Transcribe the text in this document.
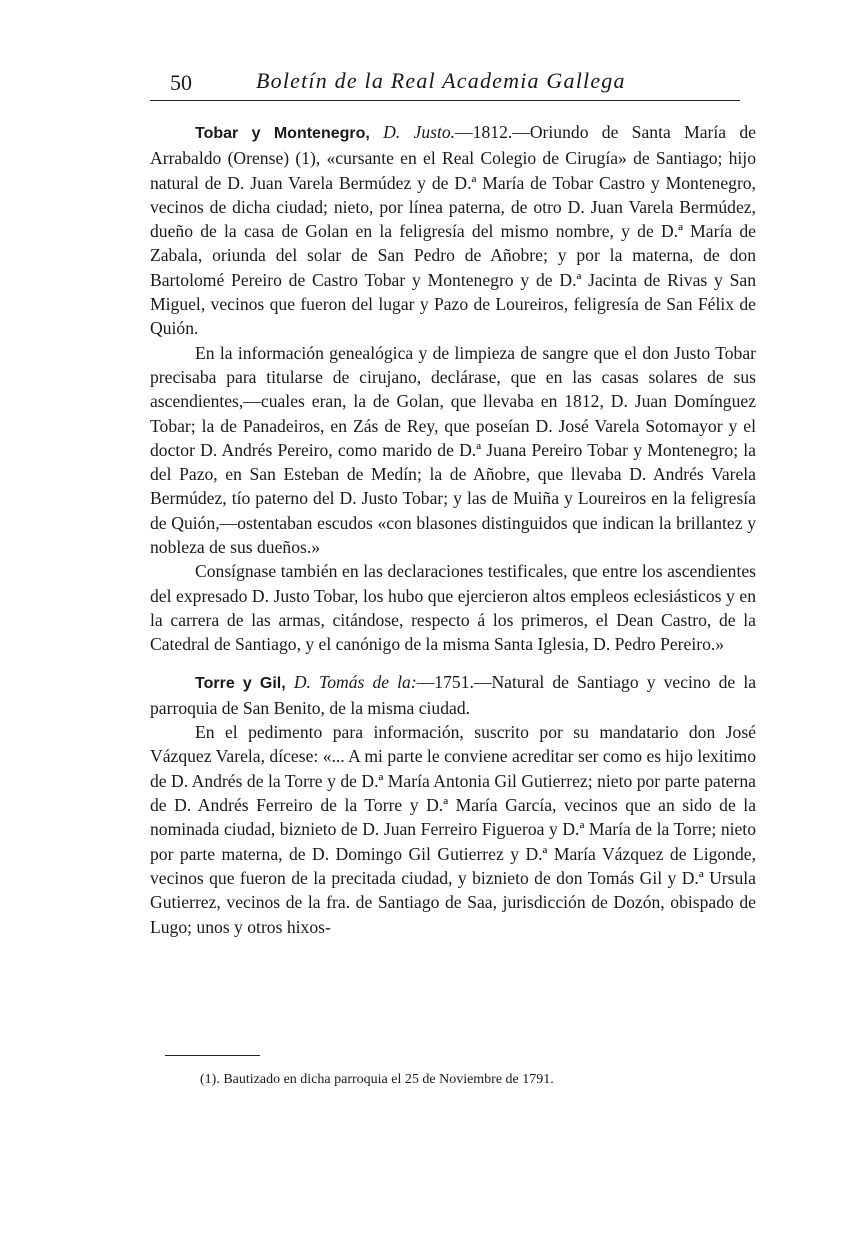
50	Boletín de la Real Academia Gallega

Tobar y Montenegro, D. Justo.—1812.—Oriundo de Santa María de Arrabaldo (Orense) (1), «cursante en el Real Colegio de Cirugía» de Santiago; hijo natural de D. Juan Varela Bermúdez y de D.ª María de Tobar Castro y Montenegro, vecinos de dicha ciudad; nieto, por línea paterna, de otro D. Juan Varela Bermúdez, dueño de la casa de Golan en la feligresía del mismo nombre, y de D.ª María de Zabala, oriunda del solar de San Pedro de Añobre; y por la materna, de don Bartolomé Pereiro de Castro Tobar y Montenegro y de D.ª Jacinta de Rivas y San Miguel, vecinos que fueron del lugar y Pazo de Loureiros, feligresía de San Félix de Quión.

En la información genealógica y de limpieza de sangre que el don Justo Tobar precisaba para titularse de cirujano, declárase, que en las casas solares de sus ascendientes,—cuales eran, la de Golan, que llevaba en 1812, D. Juan Domínguez Tobar; la de Panadeiros, en Zás de Rey, que poseían D. José Varela Sotomayor y el doctor D. Andrés Pereiro, como marido de D.ª Juana Pereiro Tobar y Montenegro; la del Pazo, en San Esteban de Medín; la de Añobre, que llevaba D. Andrés Varela Bermúdez, tío paterno del D. Justo Tobar; y las de Muiña y Loureiros en la feligresía de Quión,—ostentaban escudos «con blasones distinguidos que indican la brillantez y nobleza de sus dueños.»

Consígnase también en las declaraciones testificales, que entre los ascendientes del expresado D. Justo Tobar, los hubo que ejercieron altos empleos eclesiásticos y en la carrera de las armas, citándose, respecto á los primeros, el Dean Castro, de la Catedral de Santiago, y el canónigo de la misma Santa Iglesia, D. Pedro Pereiro.»

Torre y Gil, D. Tomás de la:—1751.—Natural de Santiago y vecino de la parroquia de San Benito, de la misma ciudad.

En el pedimento para información, suscrito por su mandatario don José Vázquez Varela, dícese: «... A mi parte le conviene acreditar ser como es hijo lexitimo de D. Andrés de la Torre y de D.ª María Antonia Gil Gutierrez; nieto por parte paterna de D. Andrés Ferreiro de la Torre y D.ª María García, vecinos que an sido de la nominada ciudad, biznieto de D. Juan Ferreiro Figueroa y D.ª María de la Torre; nieto por parte materna, de D. Domingo Gil Gutierrez y D.ª María Vázquez de Ligonde, vecinos que fueron de la precitada ciudad, y biznieto de don Tomás Gil y D.ª Ursula Gutierrez, vecinos de la fra. de Santiago de Saa, jurisdicción de Dozón, obispado de Lugo; unos y otros hixos-

(1). Bautizado en dicha parroquia el 25 de Noviembre de 1791.
